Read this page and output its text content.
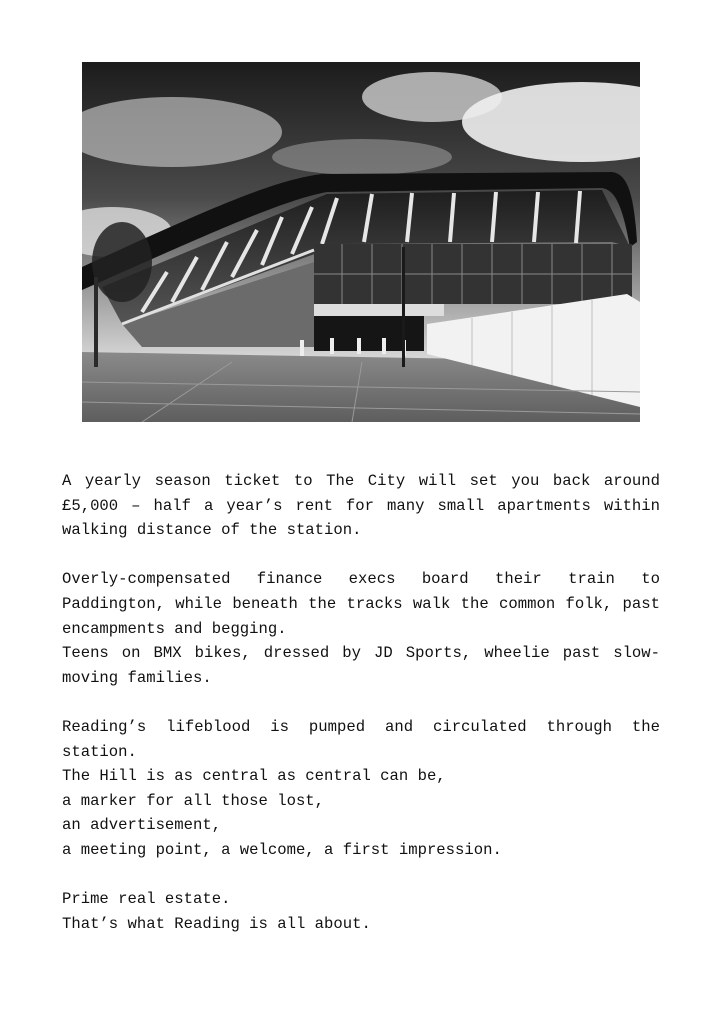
A yearly season ticket to The City will set you back around £5,000 – half a year’s rent for many small apartments within walking distance of the station.

Overly-compensated finance execs board their train to Paddington, while beneath the tracks walk the common folk, past encampments and begging.
Teens on BMX bikes, dressed by JD Sports, wheelie past slow-moving families.

Reading’s lifeblood is pumped and circulated through the station.
The Hill is as central as central can be,
a marker for all those lost,
an advertisement,
a meeting point, a welcome, a first impression.

Prime real estate.
That’s what Reading is all about.
